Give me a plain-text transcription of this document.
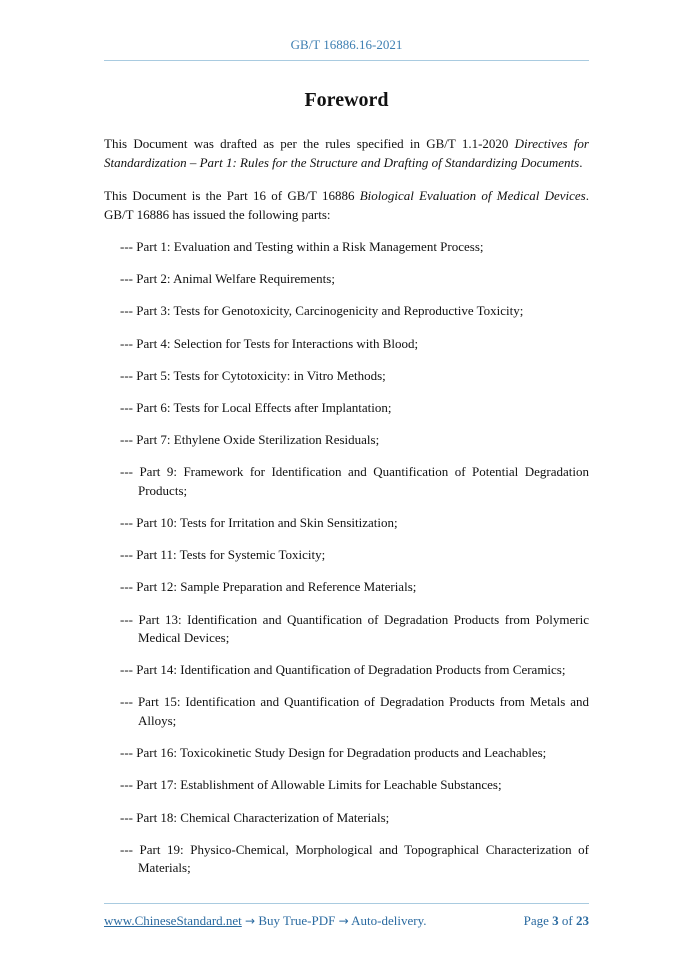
GB/T 16886.16-2021
Foreword

This Document was drafted as per the rules specified in GB/T 1.1-2020 Directives for Standardization – Part 1: Rules for the Structure and Drafting of Standardizing Documents.

This Document is the Part 16 of GB/T 16886 Biological Evaluation of Medical Devices. GB/T 16886 has issued the following parts:

--- Part 1: Evaluation and Testing within a Risk Management Process;
--- Part 2: Animal Welfare Requirements;
--- Part 3: Tests for Genotoxicity, Carcinogenicity and Reproductive Toxicity;
--- Part 4: Selection for Tests for Interactions with Blood;
--- Part 5: Tests for Cytotoxicity: in Vitro Methods;
--- Part 6: Tests for Local Effects after Implantation;
--- Part 7: Ethylene Oxide Sterilization Residuals;
--- Part 9: Framework for Identification and Quantification of Potential Degradation Products;
--- Part 10: Tests for Irritation and Skin Sensitization;
--- Part 11: Tests for Systemic Toxicity;
--- Part 12: Sample Preparation and Reference Materials;
--- Part 13: Identification and Quantification of Degradation Products from Polymeric Medical Devices;
--- Part 14: Identification and Quantification of Degradation Products from Ceramics;
--- Part 15: Identification and Quantification of Degradation Products from Metals and Alloys;
--- Part 16: Toxicokinetic Study Design for Degradation products and Leachables;
--- Part 17: Establishment of Allowable Limits for Leachable Substances;
--- Part 18: Chemical Characterization of Materials;
--- Part 19: Physico-Chemical, Morphological and Topographical Characterization of Materials;
www.ChineseStandard.net → Buy True-PDF → Auto-delivery.	Page 3 of 23
